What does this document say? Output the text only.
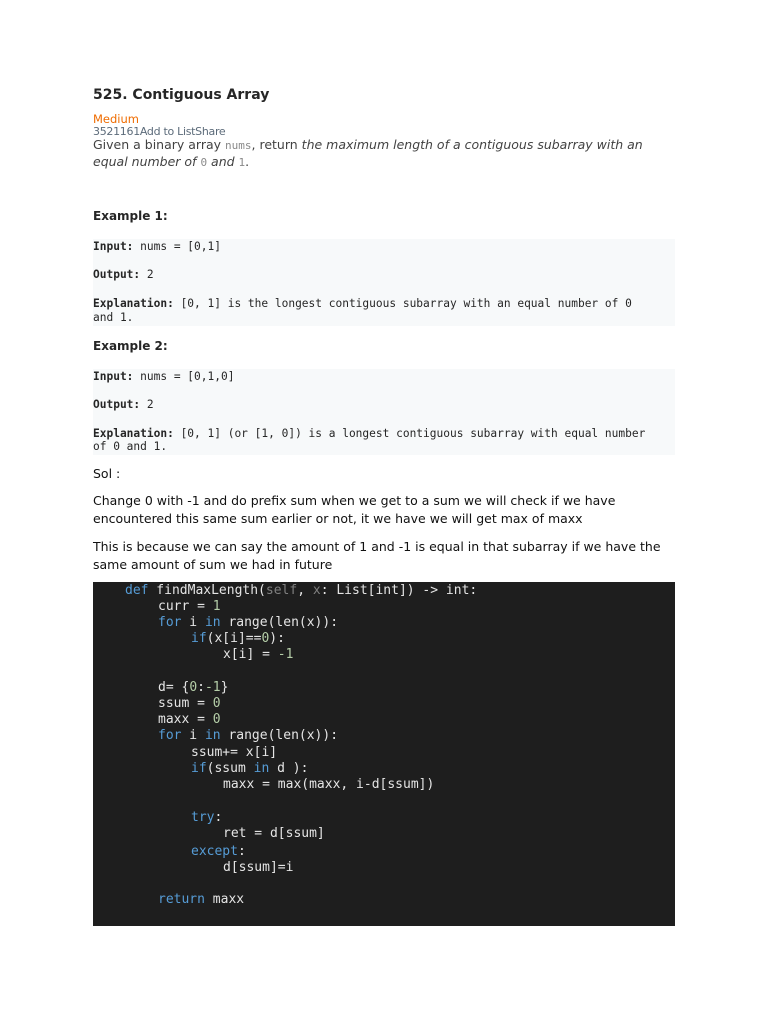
525. Contiguous Array
Medium
3521161Add to ListShare
Given a binary array nums, return the maximum length of a contiguous subarray with an equal number of 0 and 1.
Example 1:
Input: nums = [0,1]
Output: 2
Explanation: [0, 1] is the longest contiguous subarray with an equal number of 0
and 1.
Example 2:
Input: nums = [0,1,0]
Output: 2
Explanation: [0, 1] (or [1, 0]) is a longest contiguous subarray with equal number
of 0 and 1.
Sol :
Change 0 with -1 and do prefix sum when we get to a sum we will check if we have encountered this same sum earlier or not, it we have we will get max of maxx
This is because we can say the amount of 1 and -1 is equal in that subarray if we have the same amount of sum we had in future
def findMaxLength(self, x: List[int]) -> int:
curr = 1
for i in range(len(x)):
if(x[i]==0):
x[i] = -1
d= {0:-1}
ssum = 0
maxx = 0
for i in range(len(x)):
ssum+= x[i]
if(ssum in d ):
maxx = max(maxx, i-d[ssum])
try:
ret = d[ssum]
except:
d[ssum]=i
return maxx
